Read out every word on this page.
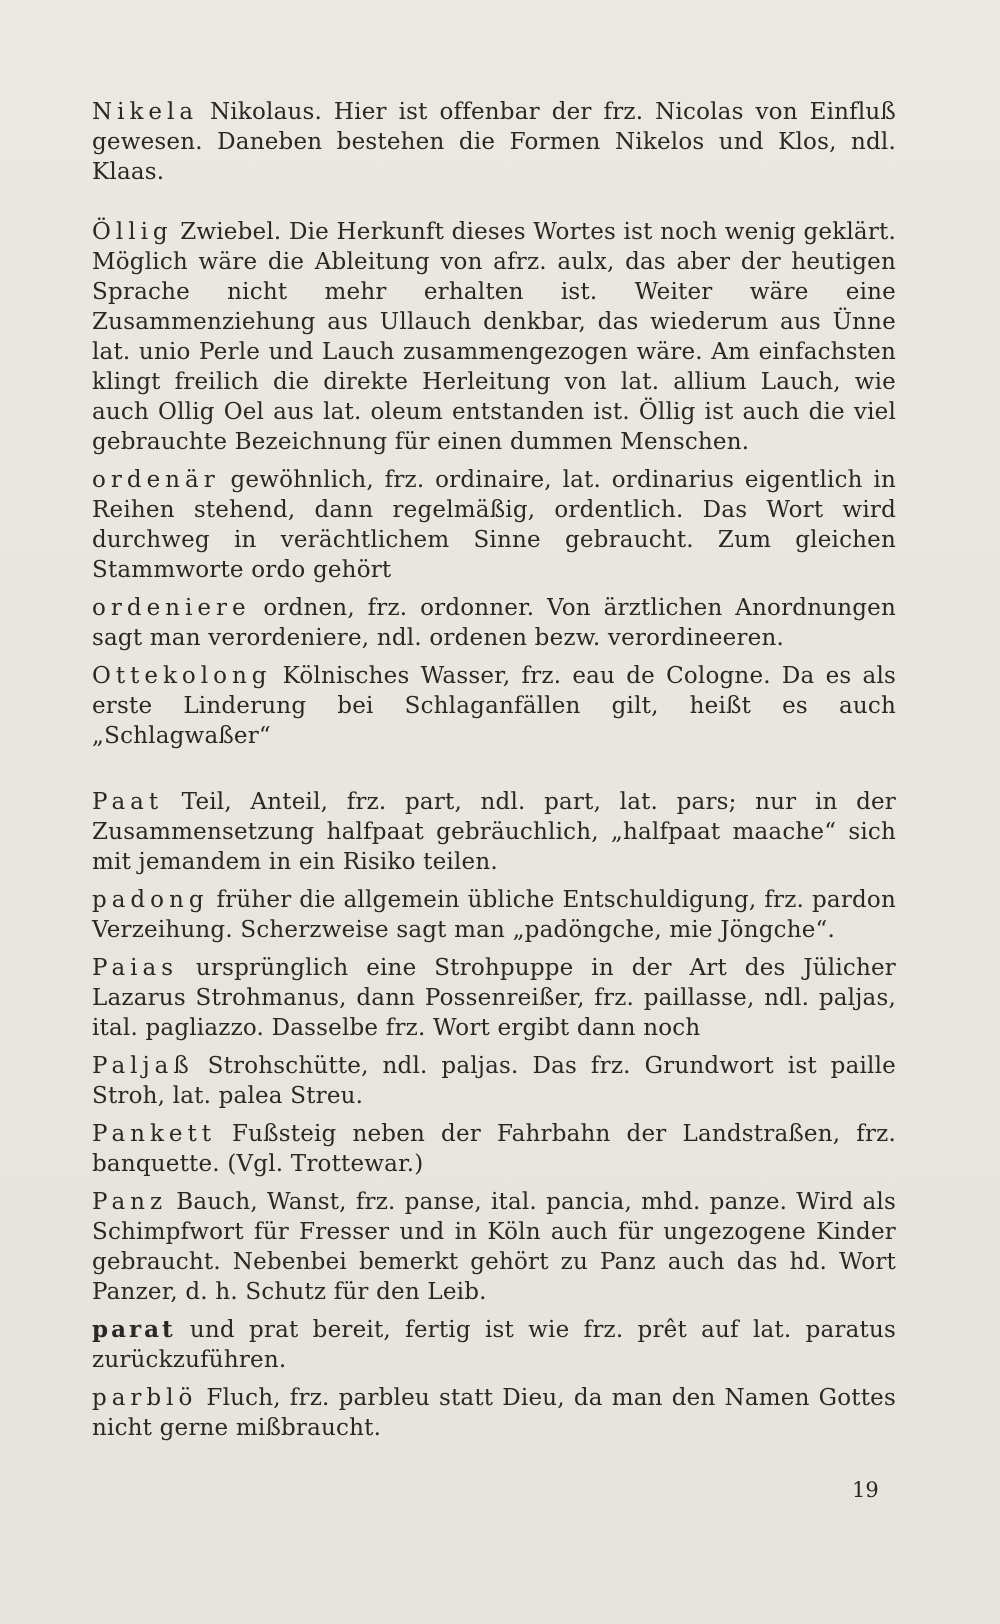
Nikela Nikolaus. Hier ist offenbar der frz. Nicolas von Einfluß gewesen. Daneben bestehen die Formen Nikelos und Klos, ndl. Klaas.

Öllig Zwiebel. Die Herkunft dieses Wortes ist noch wenig geklärt. Möglich wäre die Ableitung von afrz. aulx, das aber der heutigen Sprache nicht mehr erhalten ist. Weiter wäre eine Zusammenziehung aus Ullauch denkbar, das wiederum aus Ünne lat. unio Perle und Lauch zusammengezogen wäre. Am einfachsten klingt freilich die direkte Herleitung von lat. allium Lauch, wie auch Ollig Oel aus lat. oleum entstanden ist. Öllig ist auch die viel gebrauchte Bezeichnung für einen dummen Menschen.

ordenär gewöhnlich, frz. ordinaire, lat. ordinarius eigentlich in Reihen stehend, dann regelmäßig, ordentlich. Das Wort wird durchweg in verächtlichem Sinne gebraucht. Zum gleichen Stammworte ordo gehört

ordeniere ordnen, frz. ordonner. Von ärztlichen Anordnungen sagt man verordeniere, ndl. ordenen bezw. verordineeren.

Ottekolong Kölnisches Wasser, frz. eau de Cologne. Da es als erste Linderung bei Schlaganfällen gilt, heißt es auch „Schlagwaßer“

Paat Teil, Anteil, frz. part, ndl. part, lat. pars; nur in der Zusammensetzung halfpaat gebräuchlich, „halfpaat maache“ sich mit jemandem in ein Risiko teilen.

padong früher die allgemein übliche Entschuldigung, frz. pardon Verzeihung. Scherzweise sagt man „padöngche, mie Jöngche“.

Paias ursprünglich eine Strohpuppe in der Art des Jülicher Lazarus Strohmanus, dann Possenreißer, frz. paillasse, ndl. paljas, ital. pagliazzo. Dasselbe frz. Wort ergibt dann noch

Paljaß Strohschütte, ndl. paljas. Das frz. Grundwort ist paille Stroh, lat. palea Streu.

Pankett Fußsteig neben der Fahrbahn der Landstraßen, frz. banquette. (Vgl. Trottewar.)

Panz Bauch, Wanst, frz. panse, ital. pancia, mhd. panze. Wird als Schimpfwort für Fresser und in Köln auch für ungezogene Kinder gebraucht. Nebenbei bemerkt gehört zu Panz auch das hd. Wort Panzer, d. h. Schutz für den Leib.

parat und prat bereit, fertig ist wie frz. prêt auf lat. paratus zurückzuführen.

parblö Fluch, frz. parbleu statt Dieu, da man den Namen Gottes nicht gerne mißbraucht.

19
